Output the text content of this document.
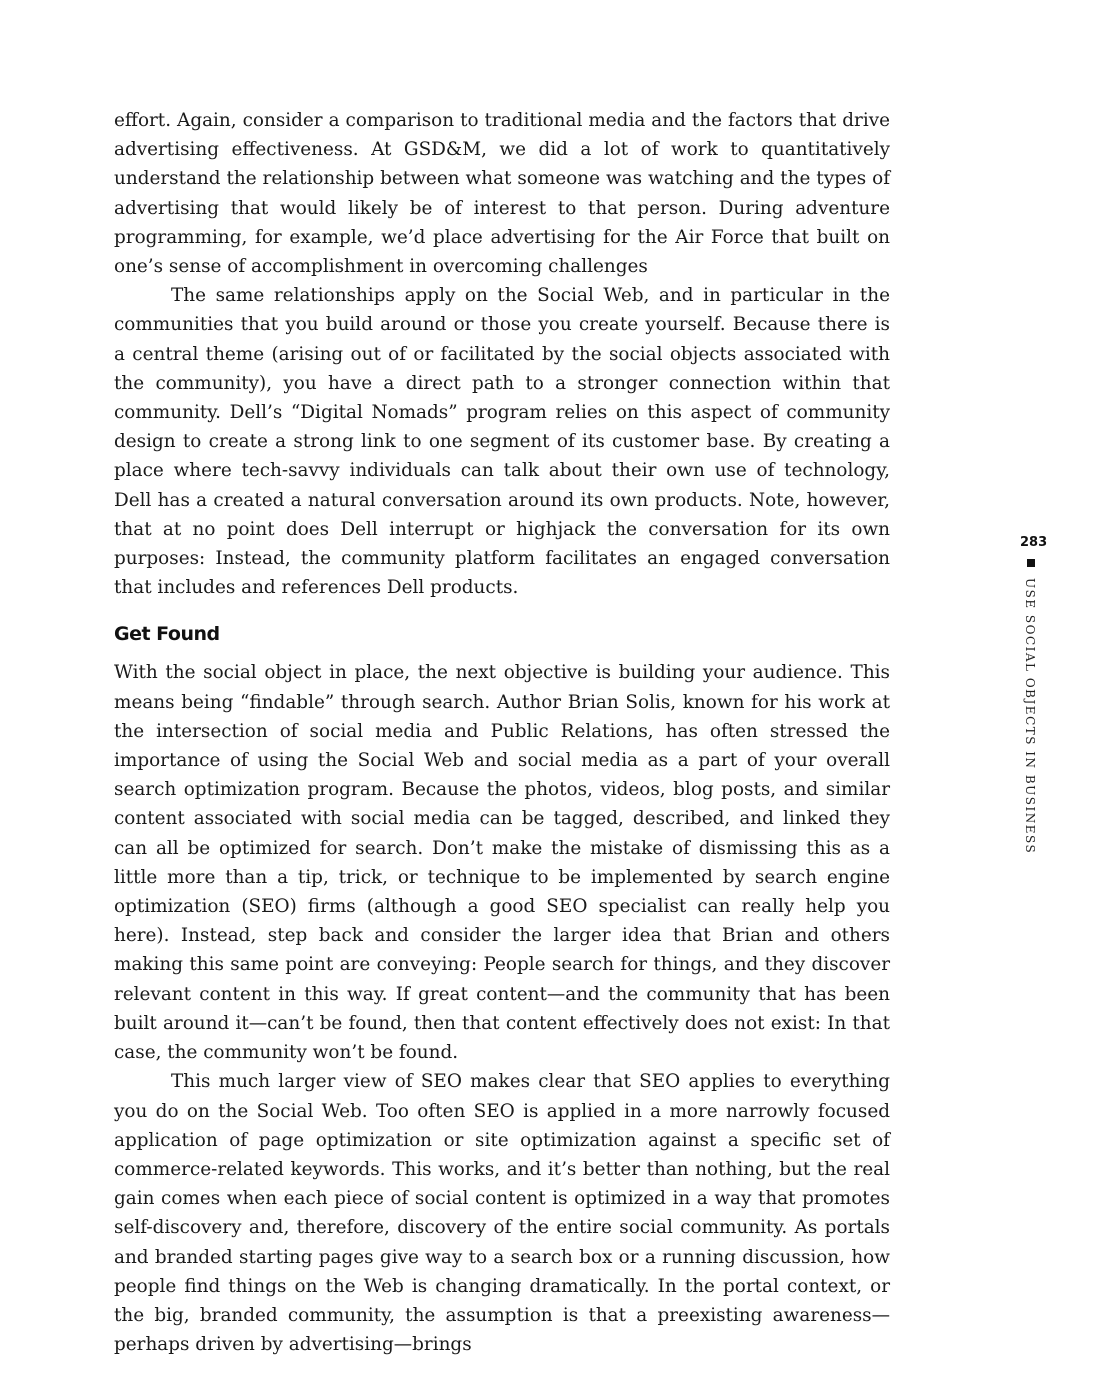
effort. Again, consider a comparison to traditional media and the factors that drive advertising effectiveness. At GSD&M, we did a lot of work to quantitatively understand the relationship between what someone was watching and the types of advertising that would likely be of interest to that person. During adventure programming, for example, we’d place advertising for the Air Force that built on one’s sense of accomplishment in overcoming challenges

The same relationships apply on the Social Web, and in particular in the communities that you build around or those you create yourself. Because there is a central theme (arising out of or facilitated by the social objects associated with the community), you have a direct path to a stronger connection within that community. Dell’s “Digital Nomads” program relies on this aspect of community design to create a strong link to one segment of its customer base. By creating a place where tech-savvy individuals can talk about their own use of technology, Dell has a created a natural conversation around its own products. Note, however, that at no point does Dell interrupt or highjack the conversation for its own purposes: Instead, the community platform facilitates an engaged conversation that includes and references Dell products.

Get Found

With the social object in place, the next objective is building your audience. This means being “findable” through search. Author Brian Solis, known for his work at the intersection of social media and Public Relations, has often stressed the importance of using the Social Web and social media as a part of your overall search optimization program. Because the photos, videos, blog posts, and similar content associated with social media can be tagged, described, and linked they can all be optimized for search. Don’t make the mistake of dismissing this as a little more than a tip, trick, or technique to be implemented by search engine optimization (SEO) firms (although a good SEO specialist can really help you here). Instead, step back and consider the larger idea that Brian and others making this same point are conveying: People search for things, and they discover relevant content in this way. If great content—and the community that has been built around it—can’t be found, then that content effectively does not exist: In that case, the community won’t be found.

This much larger view of SEO makes clear that SEO applies to everything you do on the Social Web. Too often SEO is applied in a more narrowly focused application of page optimization or site optimization against a specific set of commerce-related keywords. This works, and it’s better than nothing, but the real gain comes when each piece of social content is optimized in a way that promotes self-discovery and, therefore, discovery of the entire social community. As portals and branded starting pages give way to a search box or a running discussion, how people find things on the Web is changing dramatically. In the portal context, or the big, branded community, the assumption is that a preexisting awareness—perhaps driven by advertising—brings

283
USE SOCIAL OBJECTS IN BUSINESS
